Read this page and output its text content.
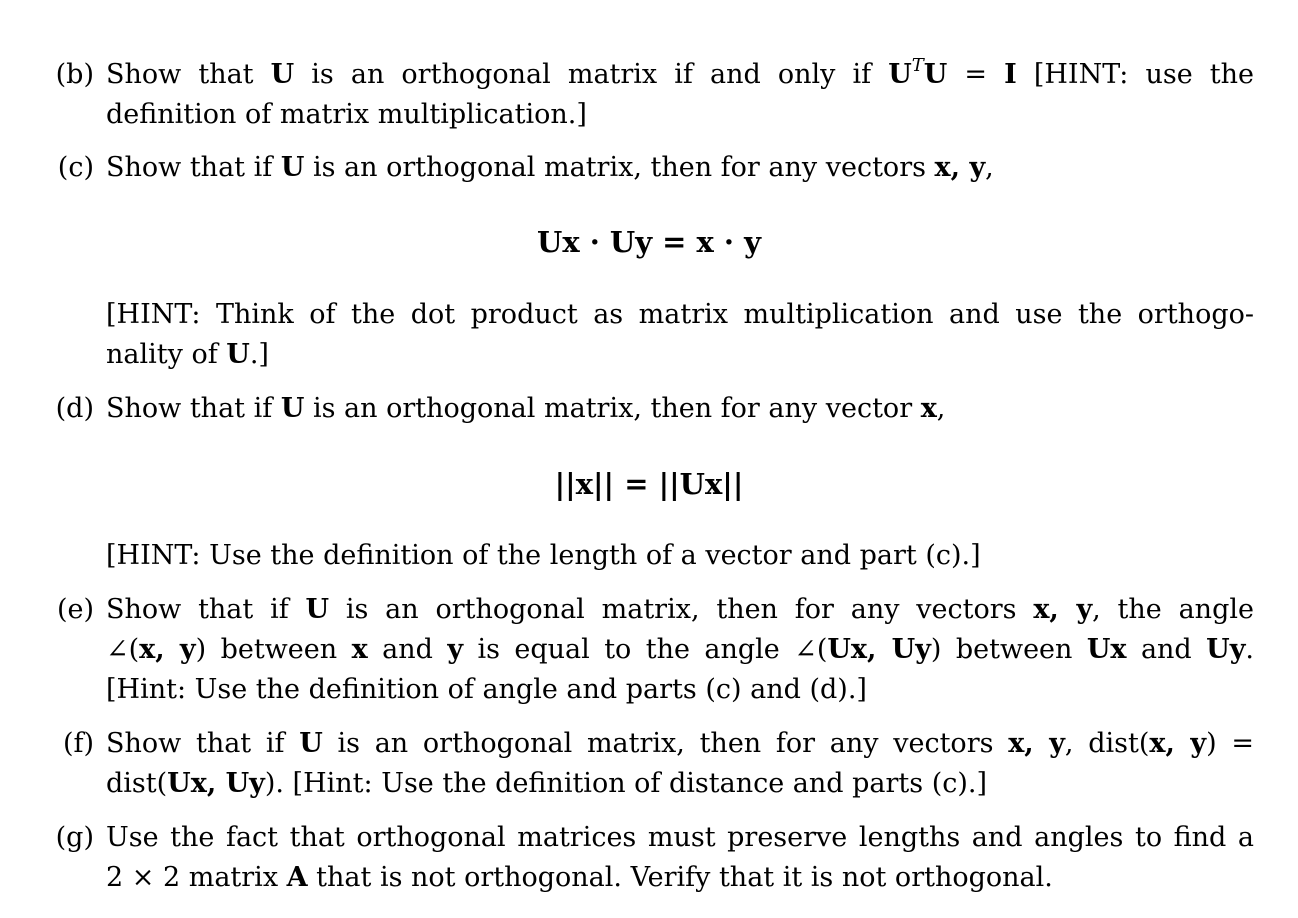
(b) Show that U is an orthogonal matrix if and only if $U^TU = I$ [HINT: use the
definition of matrix multiplication.]
(c) Show that if U is an orthogonal matrix, then for any vectors x, y,
Ux · Uy = x · y
[HINT: Think of the dot product as matrix multiplication and use the orthogo-
nality of U.]
(d) Show that if U is an orthogonal matrix, then for any vector x,
||x|| = ||Ux||
[HINT: Use the definition of the length of a vector and part (c).]
(e) Show that if U is an orthogonal matrix, then for any vectors x, y, the angle
∠(x, y) between x and y is equal to the angle ∠(Ux, Uy) between Ux and Uy.
[Hint: Use the definition of angle and parts (c) and (d).]
(f) Show that if U is an orthogonal matrix, then for any vectors x, y, dist(x, y) =
dist(Ux, Uy). [Hint: Use the definition of distance and parts (c).]
(g) Use the fact that orthogonal matrices must preserve lengths and angles to find a
2 × 2 matrix A that is not orthogonal. Verify that it is not orthogonal.
